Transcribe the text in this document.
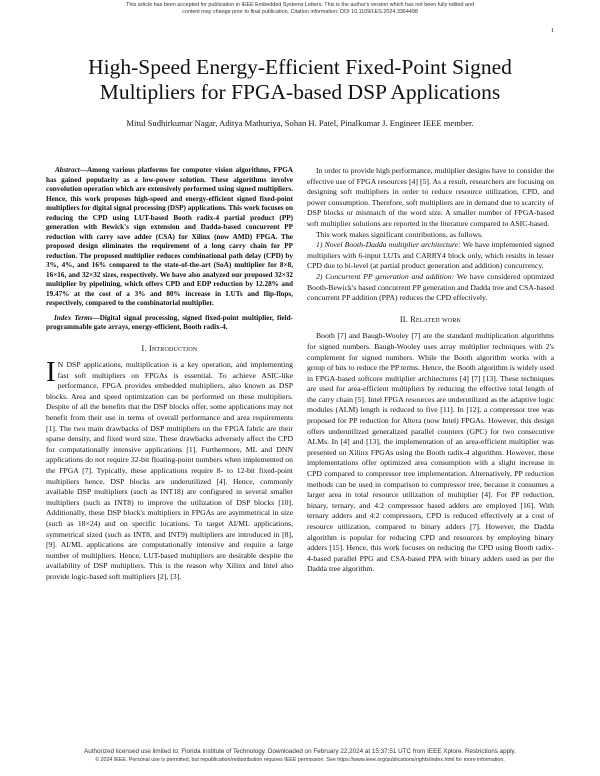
This article has been accepted for publication in IEEE Embedded Systems Letters. This is the author's version which has not been fully edited and
content may change prior to final publication. Citation information: DOI 10.1109/LES.2024.3364498
1
High-Speed Energy-Efficient Fixed-Point Signed Multipliers for FPGA-based DSP Applications
Mitul Sudhirkumar Nagar, Aditya Mathuriya, Sohan H. Patel, Pinalkumar J. Engineer IEEE member.

Abstract—Among various platforms for computer vision algorithms, FPGA has gained popularity as a low-power solution. These algorithms involve convolution operation which are extensively performed using signed multipliers. Hence, this work proposes high-speed and energy-efficient signed fixed-point multipliers for digital signal processing (DSP) applications. This work focuses on reducing the CPD using LUT-based Booth radix-4 partial product (PP) generation with Bewick's sign extension and Dadda-based concurrent PP reduction with carry save adder (CSA) for Xilinx (now AMD) FPGA. The proposed design eliminates the requirement of a long carry chain for PP reduction. The proposed multiplier reduces combinational path delay (CPD) by 3%, 4%, and 16% compared to the state-of-the-art (SoA) multiplier for 8×8, 16×16, and 32×32 sizes, respectively. We have also analyzed our proposed 32×32 multiplier by pipelining, which offers CPD and EDP reduction by 12.28% and 19.47% at the cost of a 3% and 80% increase in LUTs and flip-flops, respectively, compared to the combinatorial multiplier.

Index Terms—Digital signal processing, signed fixed-point multiplier, field-programmable gate arrays, energy-efficient, Booth radix-4.

I. Introduction

I N DSP applications, multiplication is a key operation, and implementing fast soft multipliers on FPGAs is essential. To achieve ASIC-like performance, FPGA provides embedded multipliers, also known as DSP blocks. Area and speed optimization can be performed on these multipliers. Despite of all the benefits that the DSP blocks offer, some applications may not benefit from their use in terms of overall performance and area requirements [1]. The two main drawbacks of DSP multipliers on the FPGA fabric are their sparse density, and fixed word size. These drawbacks adversely affect the CPD for computationally intensive applications [1]. Furthermore, ML and DNN applications do not require 32-bit floating-point numbers when implemented on the FPGA [7]. Typically, these applications require 8- to 12-bit fixed-point multipliers hence, DSP blocks are underutilized [4]. Hence, commonly available DSP multipliers (such as INT18) are configured in several smaller multipliers (such as INT8) to improve the utilization of DSP blocks [10]. Additionally, these DSP block's multipliers in FPGAs are asymmetrical in size (such as 18×24) and on specific locations. To target AI/ML applications, symmetrical sized (such as INT8, and INT9) multipliers are introduced in [8], [9]. AI/ML applications are computationally intensive and require a large number of multipliers. Hence, LUT-based multipliers are desirable despite the availability of DSP multipliers. This is the reason why Xilinx and Intel also provide logic-based soft multipliers [2], [3].

In order to provide high performance, multiplier designs have to consider the effective use of FPGA resources [4] [5]. As a result, researchers are focusing on designing soft multipliers in order to reduce resource utilization, CPD, and power consumption. Therefore, soft multipliers are in demand due to scarcity of DSP blocks or mismatch of the word size. A smaller number of FPGA-based soft multiplier solutions are reported in the literature compared to ASIC-based.

This work makes significant contributions, as follows.

1) Novel Booth-Dadda multiplier architecture: We have implemented signed multipliers with 6-input LUTs and CARRY4 block only, which results in lesser CPD due to bi-level (at partial product generation and addition) concurrency.

2) Concurrent PP generation and addition: We have considered optimized Booth-Bewick's based concurrent PP generation and Dadda tree and CSA-based concurrent PP addition (PPA) reduces the CPD effectively.

II. Related work

Booth [7] and Baugh-Wooley [7] are the standard multiplication algorithms for signed numbers. Baugh-Wooley uses array multiplier techniques with 2's complement for signed numbers. While the Booth algorithm works with a group of bits to reduce the PP terms. Hence, the Booth algorithm is widely used in FPGA-based softcore multiplier architectures [4] [7] [13]. These techniques are used for area-efficient multipliers by reducing the effective total length of the carry chain [5]. Intel FPGA resources are underutilized as the adaptive logic modules (ALM) length is reduced to five [11]. In [12], a compressor tree was proposed for PP reduction for Altera (now Intel) FPGAs. However, this design offers underutilized generalized parallel counters (GPC) for two consecutive ALMs. In [4] and [13], the implementation of an area-efficient multiplier was presented on Xilinx FPGAs using the Booth radix-4 algorithm. However, these implementations offer optimized area consumption with a slight increase in CPD compared to compressor tree implementation. Alternatively, PP reduction methods can be used in comparison to compressor tree, because it consumes a larger area in total resource utilization of multiplier [4]. For PP reduction, binary, ternary, and 4:2 compressor based adders are employed [16]. With ternary adders and 4:2 compressors, CPD is reduced effectively at a cost of resource utilization, compared to binary adders [7]. However, the Dadda algorithm is popular for reducing CPD and resources by employing binary adders [15]. Hence, this work focuses on reducing the CPD using Booth radix-4-based parallel PPG and CSA-based PPA with binary adders used as per the Dadda tree algorithm.

Authorized licensed use limited to: Florida Institute of Technology. Downloaded on February 22,2024 at 15:37:51 UTC from IEEE Xplore. Restrictions apply.
© 2024 IEEE. Personal use is permitted, but republication/redistribution requires IEEE permission. See https://www.ieee.org/publications/rights/index.html for more information.
